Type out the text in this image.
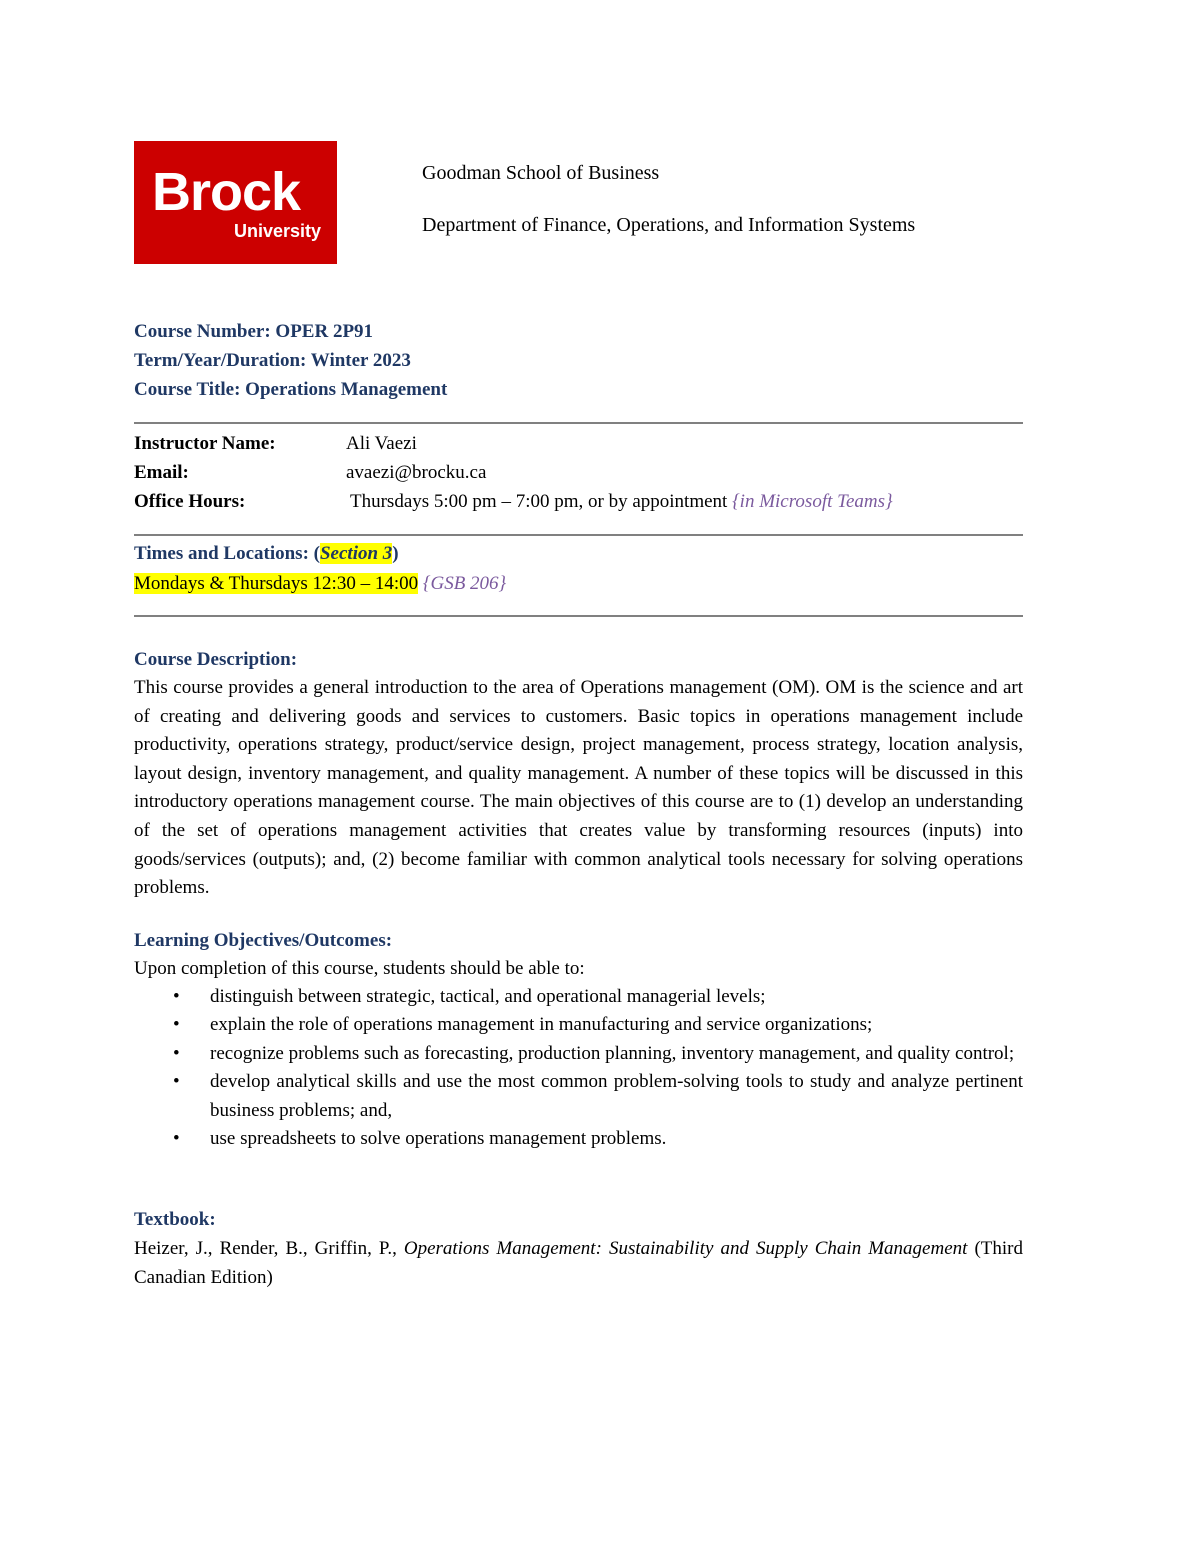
Brock
University
Goodman School of Business
Department of Finance, Operations, and Information Systems
Course Number: OPER 2P91
Term/Year/Duration: Winter 2023
Course Title: Operations Management
Instructor Name:	Ali Vaezi
Email:	avaezi@brocku.ca
Office Hours:	Thursdays 5:00 pm – 7:00 pm, or by appointment {in Microsoft Teams}
Times and Locations: (Section 3)
Mondays & Thursdays 12:30 – 14:00 {GSB 206}
Course Description:
This course provides a general introduction to the area of Operations management (OM). OM is the science and art of creating and delivering goods and services to customers. Basic topics in operations management include productivity, operations strategy, product/service design, project management, process strategy, location analysis, layout design, inventory management, and quality management. A number of these topics will be discussed in this introductory operations management course. The main objectives of this course are to (1) develop an understanding of the set of operations management activities that creates value by transforming resources (inputs) into goods/services (outputs); and, (2) become familiar with common analytical tools necessary for solving operations problems.
Learning Objectives/Outcomes:
Upon completion of this course, students should be able to:
• distinguish between strategic, tactical, and operational managerial levels;
• explain the role of operations management in manufacturing and service organizations;
• recognize problems such as forecasting, production planning, inventory management, and quality control;
• develop analytical skills and use the most common problem-solving tools to study and analyze pertinent business problems; and,
• use spreadsheets to solve operations management problems.
Textbook:
Heizer, J., Render, B., Griffin, P., Operations Management: Sustainability and Supply Chain Management (Third Canadian Edition)
